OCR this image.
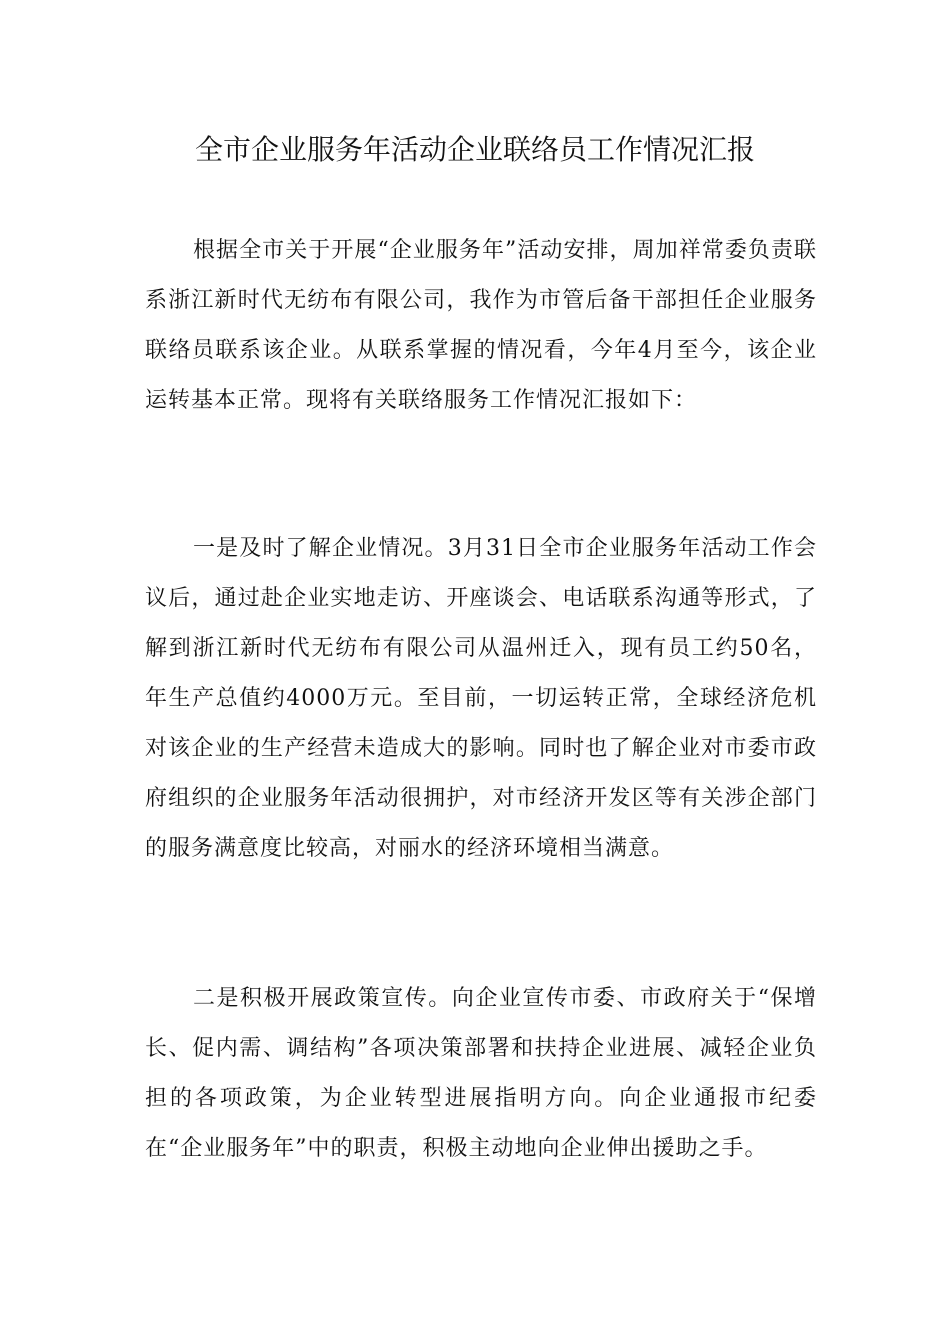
全市企业服务年活动企业联络员工作情况汇报

根据全市关于开展“企业服务年”活动安排，周加祥常委负责联系浙江新时代无纺布有限公司，我作为市管后备干部担任企业服务联络员联系该企业。从联系掌握的情况看，今年4月至今，该企业运转基本正常。现将有关联络服务工作情况汇报如下：

一是及时了解企业情况。3月31日全市企业服务年活动工作会议后，通过赴企业实地走访、开座谈会、电话联系沟通等形式，了解到浙江新时代无纺布有限公司从温州迁入，现有员工约50名，年生产总值约4000万元。至目前，一切运转正常，全球经济危机对该企业的生产经营未造成大的影响。同时也了解企业对市委市政府组织的企业服务年活动很拥护，对市经济开发区等有关涉企部门的服务满意度比较高，对丽水的经济环境相当满意。

二是积极开展政策宣传。向企业宣传市委、市政府关于“保增长、促内需、调结构”各项决策部署和扶持企业进展、减轻企业负担的各项政策，为企业转型进展指明方向。向企业通报市纪委在“企业服务年”中的职责，积极主动地向企业伸出援助之手。
